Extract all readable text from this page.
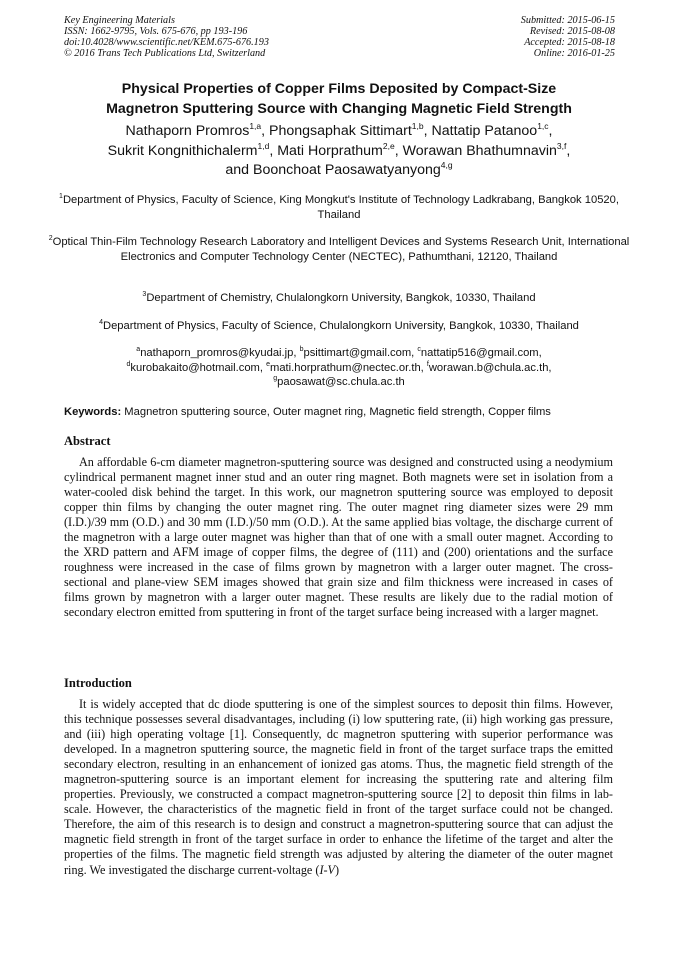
Key Engineering Materials
ISSN: 1662-9795, Vols. 675-676, pp 193-196
doi:10.4028/www.scientific.net/KEM.675-676.193
© 2016 Trans Tech Publications Ltd, Switzerland
Submitted: 2015-06-15
Revised: 2015-08-08
Accepted: 2015-08-18
Online: 2016-01-25
Physical Properties of Copper Films Deposited by Compact-Size
Magnetron Sputtering Source with Changing Magnetic Field Strength
Nathaporn Promros$^{1,a}$, Phongsaphak Sittimart$^{1,b}$, Nattatip Patanoo$^{1,c}$,
Sukrit Kongnithichalerm$^{1,d}$, Mati Horprathum$^{2,e}$, Worawan Bhathumnavin$^{3,f}$,
and Boonchoat Paosawatyanyong$^{4,g}$
$^1$Department of Physics, Faculty of Science, King Mongkut's Institute of Technology Ladkrabang, Bangkok 10520, Thailand
$^2$Optical Thin-Film Technology Research Laboratory and Intelligent Devices and Systems Research Unit, International Electronics and Computer Technology Center (NECTEC), Pathumthani, 12120, Thailand
$^3$Department of Chemistry, Chulalongkorn University, Bangkok, 10330, Thailand
$^4$Department of Physics, Faculty of Science, Chulalongkorn University, Bangkok, 10330, Thailand
$^a$nathaporn_promros@kyudai.jp, $^b$psittimart@gmail.com, $^c$nattatip516@gmail.com,
$^d$kurobakaito@hotmail.com, $^e$mati.horprathum@nectec.or.th, $^f$worawan.b@chula.ac.th,
$^g$paosawat@sc.chula.ac.th
Keywords: Magnetron sputtering source, Outer magnet ring, Magnetic field strength, Copper films
Abstract
An affordable 6-cm diameter magnetron-sputtering source was designed and constructed using a neodymium cylindrical permanent magnet inner stud and an outer ring magnet. Both magnets were set in isolation from a water-cooled disk behind the target. In this work, our magnetron sputtering source was employed to deposit copper thin films by changing the outer magnet ring. The outer magnet ring diameter sizes were 29 mm (I.D.)/39 mm (O.D.) and 30 mm (I.D.)/50 mm (O.D.). At the same applied bias voltage, the discharge current of the magnetron with a large outer magnet was higher than that of one with a small outer magnet. According to the XRD pattern and AFM image of copper films, the degree of (111) and (200) orientations and the surface roughness were increased in the case of films grown by magnetron with a larger outer magnet. The cross-sectional and plane-view SEM images showed that grain size and film thickness were increased in cases of films grown by magnetron with a larger outer magnet. These results are likely due to the radial motion of secondary electron emitted from sputtering in front of the target surface being increased with a larger magnet.
Introduction
It is widely accepted that dc diode sputtering is one of the simplest sources to deposit thin films. However, this technique possesses several disadvantages, including (i) low sputtering rate, (ii) high working gas pressure, and (iii) high operating voltage [1]. Consequently, dc magnetron sputtering with superior performance was developed. In a magnetron sputtering source, the magnetic field in front of the target surface traps the emitted secondary electron, resulting in an enhancement of ionized gas atoms. Thus, the magnetic field strength of the magnetron-sputtering source is an important element for increasing the sputtering rate and altering film properties. Previously, we constructed a compact magnetron-sputtering source [2] to deposit thin films in lab-scale. However, the characteristics of the magnetic field in front of the target surface could not be changed. Therefore, the aim of this research is to design and construct a magnetron-sputtering source that can adjust the magnetic field strength in front of the target surface in order to enhance the lifetime of the target and alter the properties of the films. The magnetic field strength was adjusted by altering the diameter of the outer magnet ring. We investigated the discharge current-voltage (I-V)
